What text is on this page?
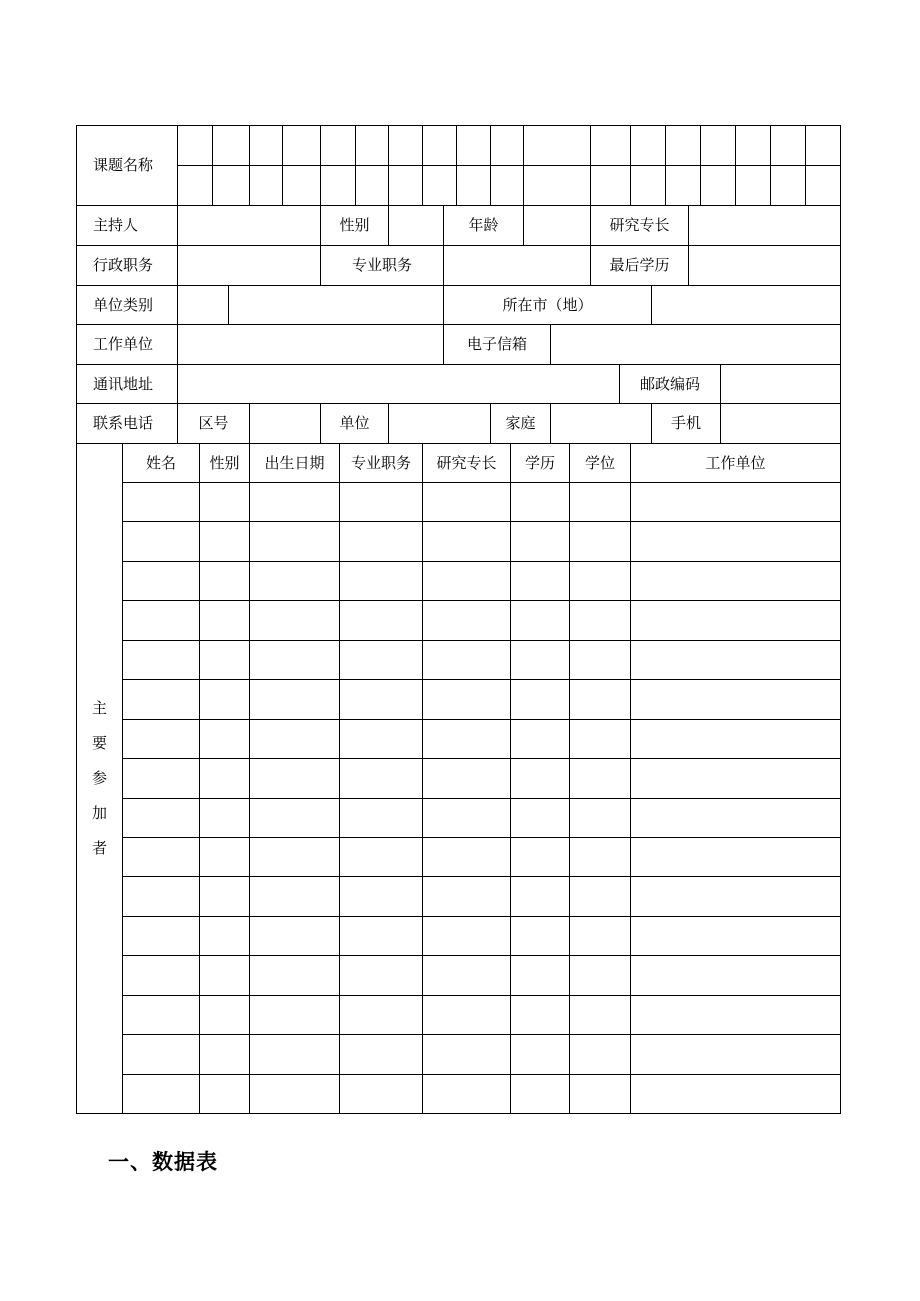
课题名称
主持人	性别	年龄	研究专长
行政职务	专业职务	最后学历
单位类别	所在市（地）
工作单位	电子信箱
通讯地址	邮政编码
联系电话	区号	单位	家庭	手机
主
要
参
加
者
姓名	性别	出生日期	专业职务	研究专长	学历	学位	工作单位
一、数据表
